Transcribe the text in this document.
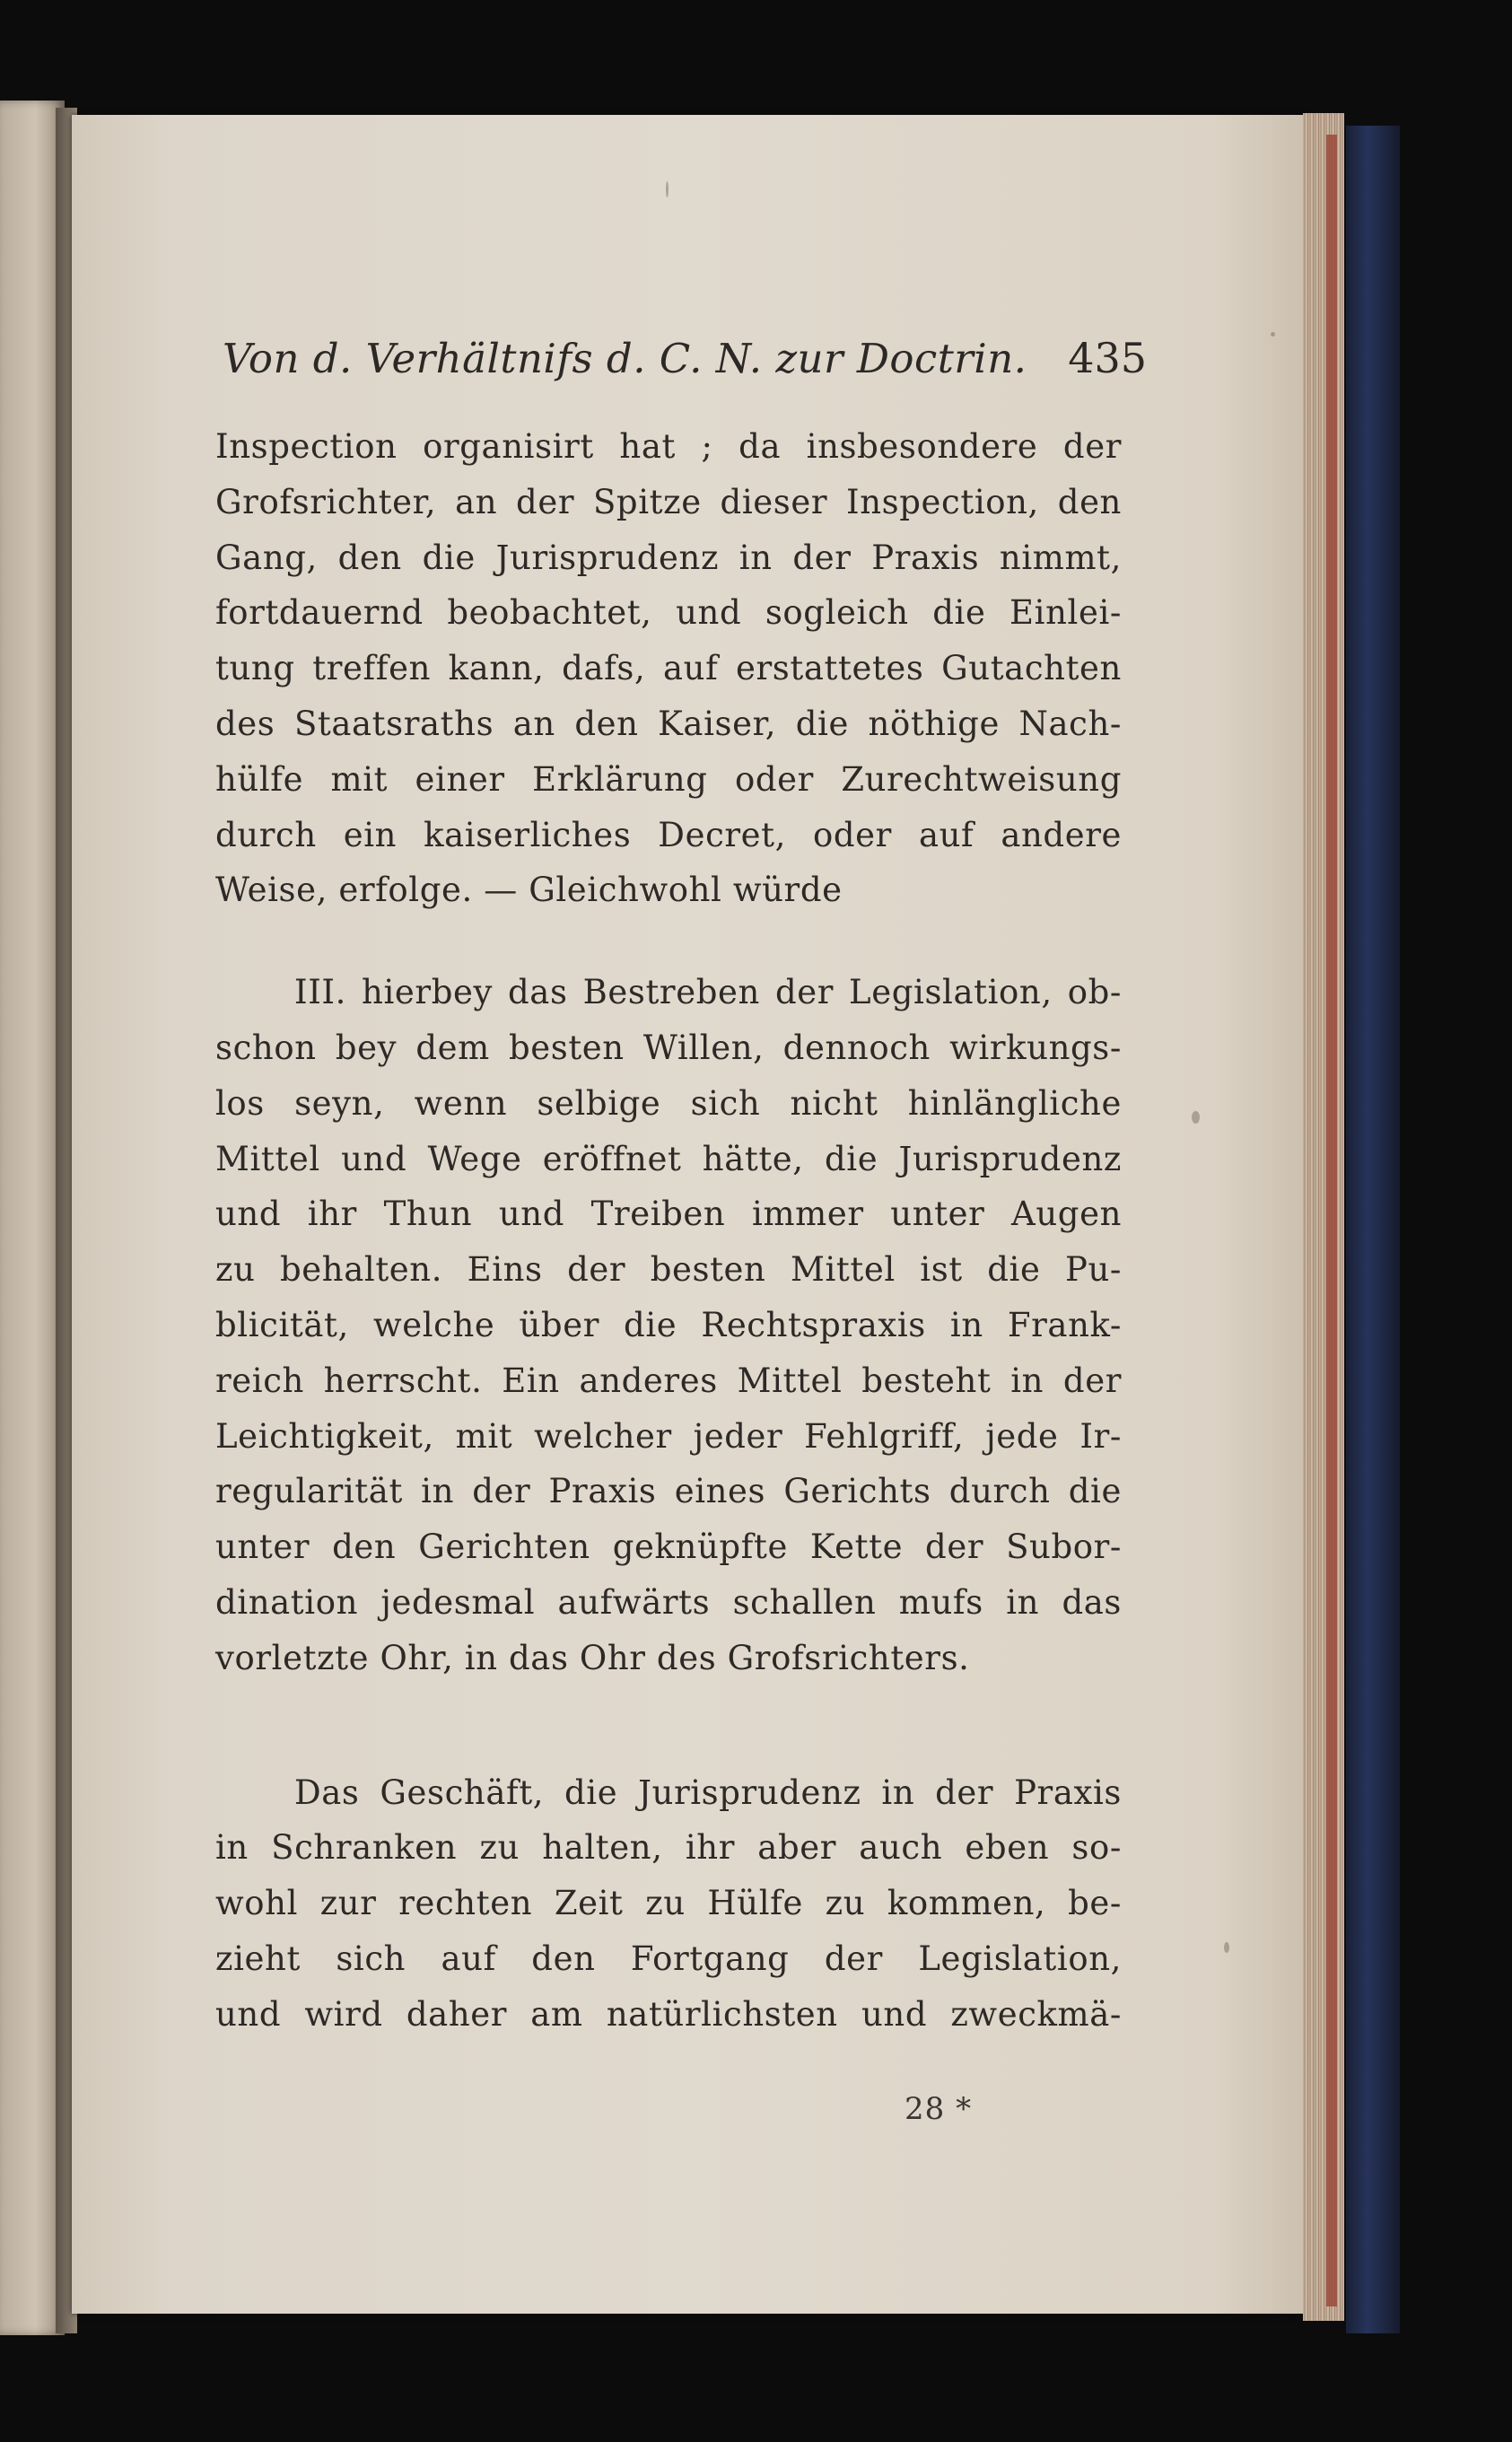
Von d. Verhältnifs d. C. N. zur Doctrin. 435
Inspection organisirt hat ; da insbesondere der
Grofsrichter, an der Spitze dieser Inspection, den
Gang, den die Jurisprudenz in der Praxis nimmt,
fortdauernd beobachtet, und sogleich die Einlei-
tung treffen kann, dafs, auf erstattetes Gutachten
des Staatsraths an den Kaiser, die nöthige Nach-
hülfe mit einer Erklärung oder Zurechtweisung
durch ein kaiserliches Decret, oder auf andere
Weise, erfolge. — Gleichwohl würde
III. hierbey das Bestreben der Legislation, ob-
schon bey dem besten Willen, dennoch wirkungs-
los seyn, wenn selbige sich nicht hinlängliche
Mittel und Wege eröffnet hätte, die Jurisprudenz
und ihr Thun und Treiben immer unter Augen
zu behalten. Eins der besten Mittel ist die Pu-
blicität, welche über die Rechtspraxis in Frank-
reich herrscht. Ein anderes Mittel besteht in der
Leichtigkeit, mit welcher jeder Fehlgriff, jede Ir-
regularität in der Praxis eines Gerichts durch die
unter den Gerichten geknüpfte Kette der Subor-
dination jedesmal aufwärts schallen mufs in das
vorletzte Ohr, in das Ohr des Grofsrichters.
Das Geschäft, die Jurisprudenz in der Praxis
in Schranken zu halten, ihr aber auch eben so-
wohl zur rechten Zeit zu Hülfe zu kommen, be-
zieht sich auf den Fortgang der Legislation,
und wird daher am natürlichsten und zweckmä-
28 *
